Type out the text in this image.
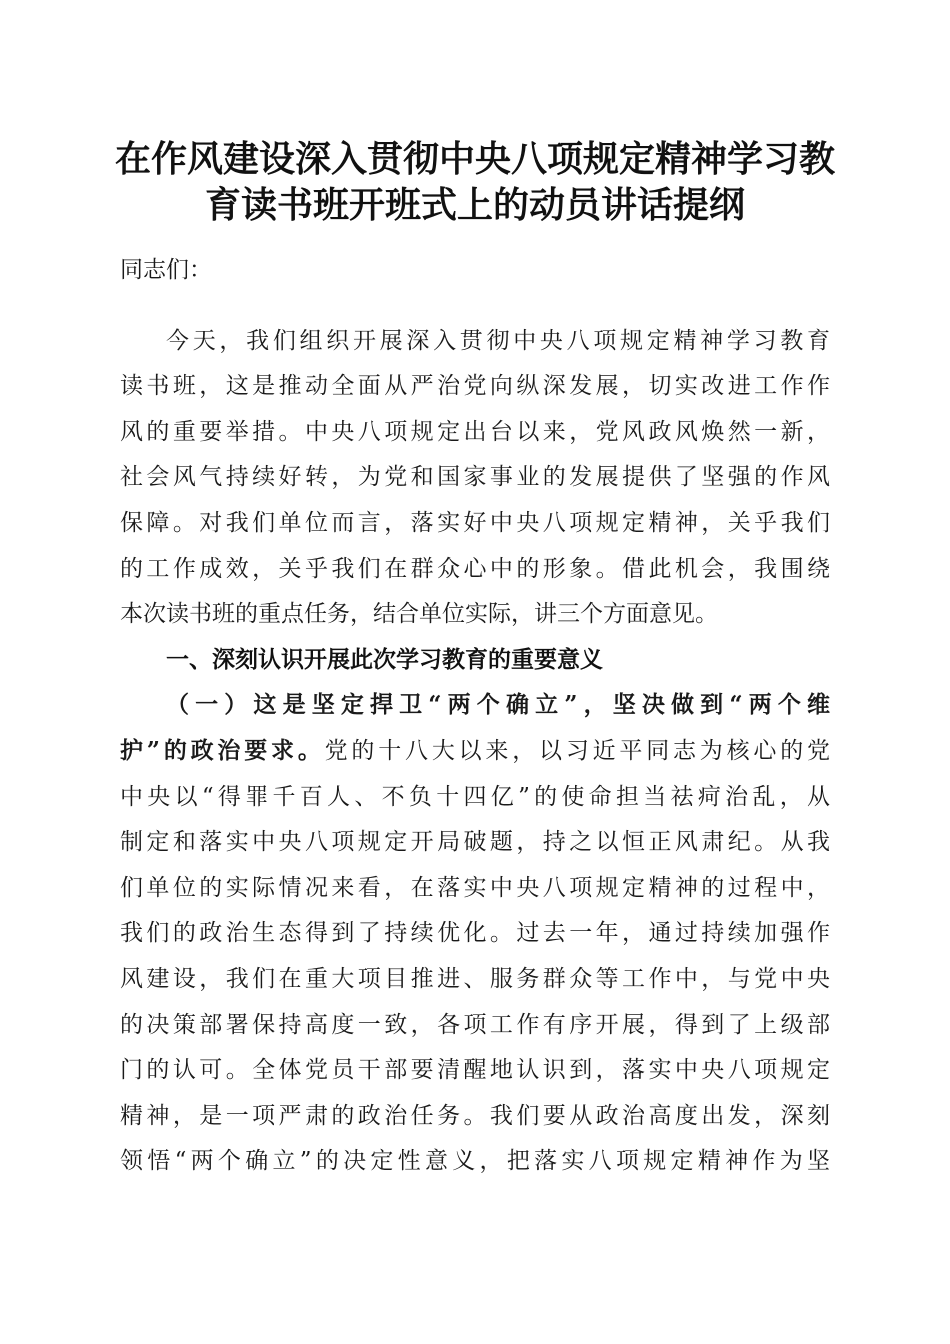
在作风建设深入贯彻中央八项规定精神学习教
育读书班开班式上的动员讲话提纲
同志们：
今天，我们组织开展深入贯彻中央八项规定精神学习教育
读书班，这是推动全面从严治党向纵深发展，切实改进工作作
风的重要举措。中央八项规定出台以来，党风政风焕然一新，
社会风气持续好转，为党和国家事业的发展提供了坚强的作风
保障。对我们单位而言，落实好中央八项规定精神，关乎我们
的工作成效，关乎我们在群众心中的形象。借此机会，我围绕
本次读书班的重点任务，结合单位实际，讲三个方面意见。
一、深刻认识开展此次学习教育的重要意义
（一）这是坚定捍卫“两个确立”，坚决做到“两个维
护”的政治要求。党的十八大以来，以习近平同志为核心的党
中央以“得罪千百人、不负十四亿”的使命担当祛疴治乱，从
制定和落实中央八项规定开局破题，持之以恒正风肃纪。从我
们单位的实际情况来看，在落实中央八项规定精神的过程中，
我们的政治生态得到了持续优化。过去一年，通过持续加强作
风建设，我们在重大项目推进、服务群众等工作中，与党中央
的决策部署保持高度一致，各项工作有序开展，得到了上级部
门的认可。全体党员干部要清醒地认识到，落实中央八项规定
精神，是一项严肃的政治任务。我们要从政治高度出发，深刻
领悟“两个确立”的决定性意义，把落实八项规定精神作为坚
